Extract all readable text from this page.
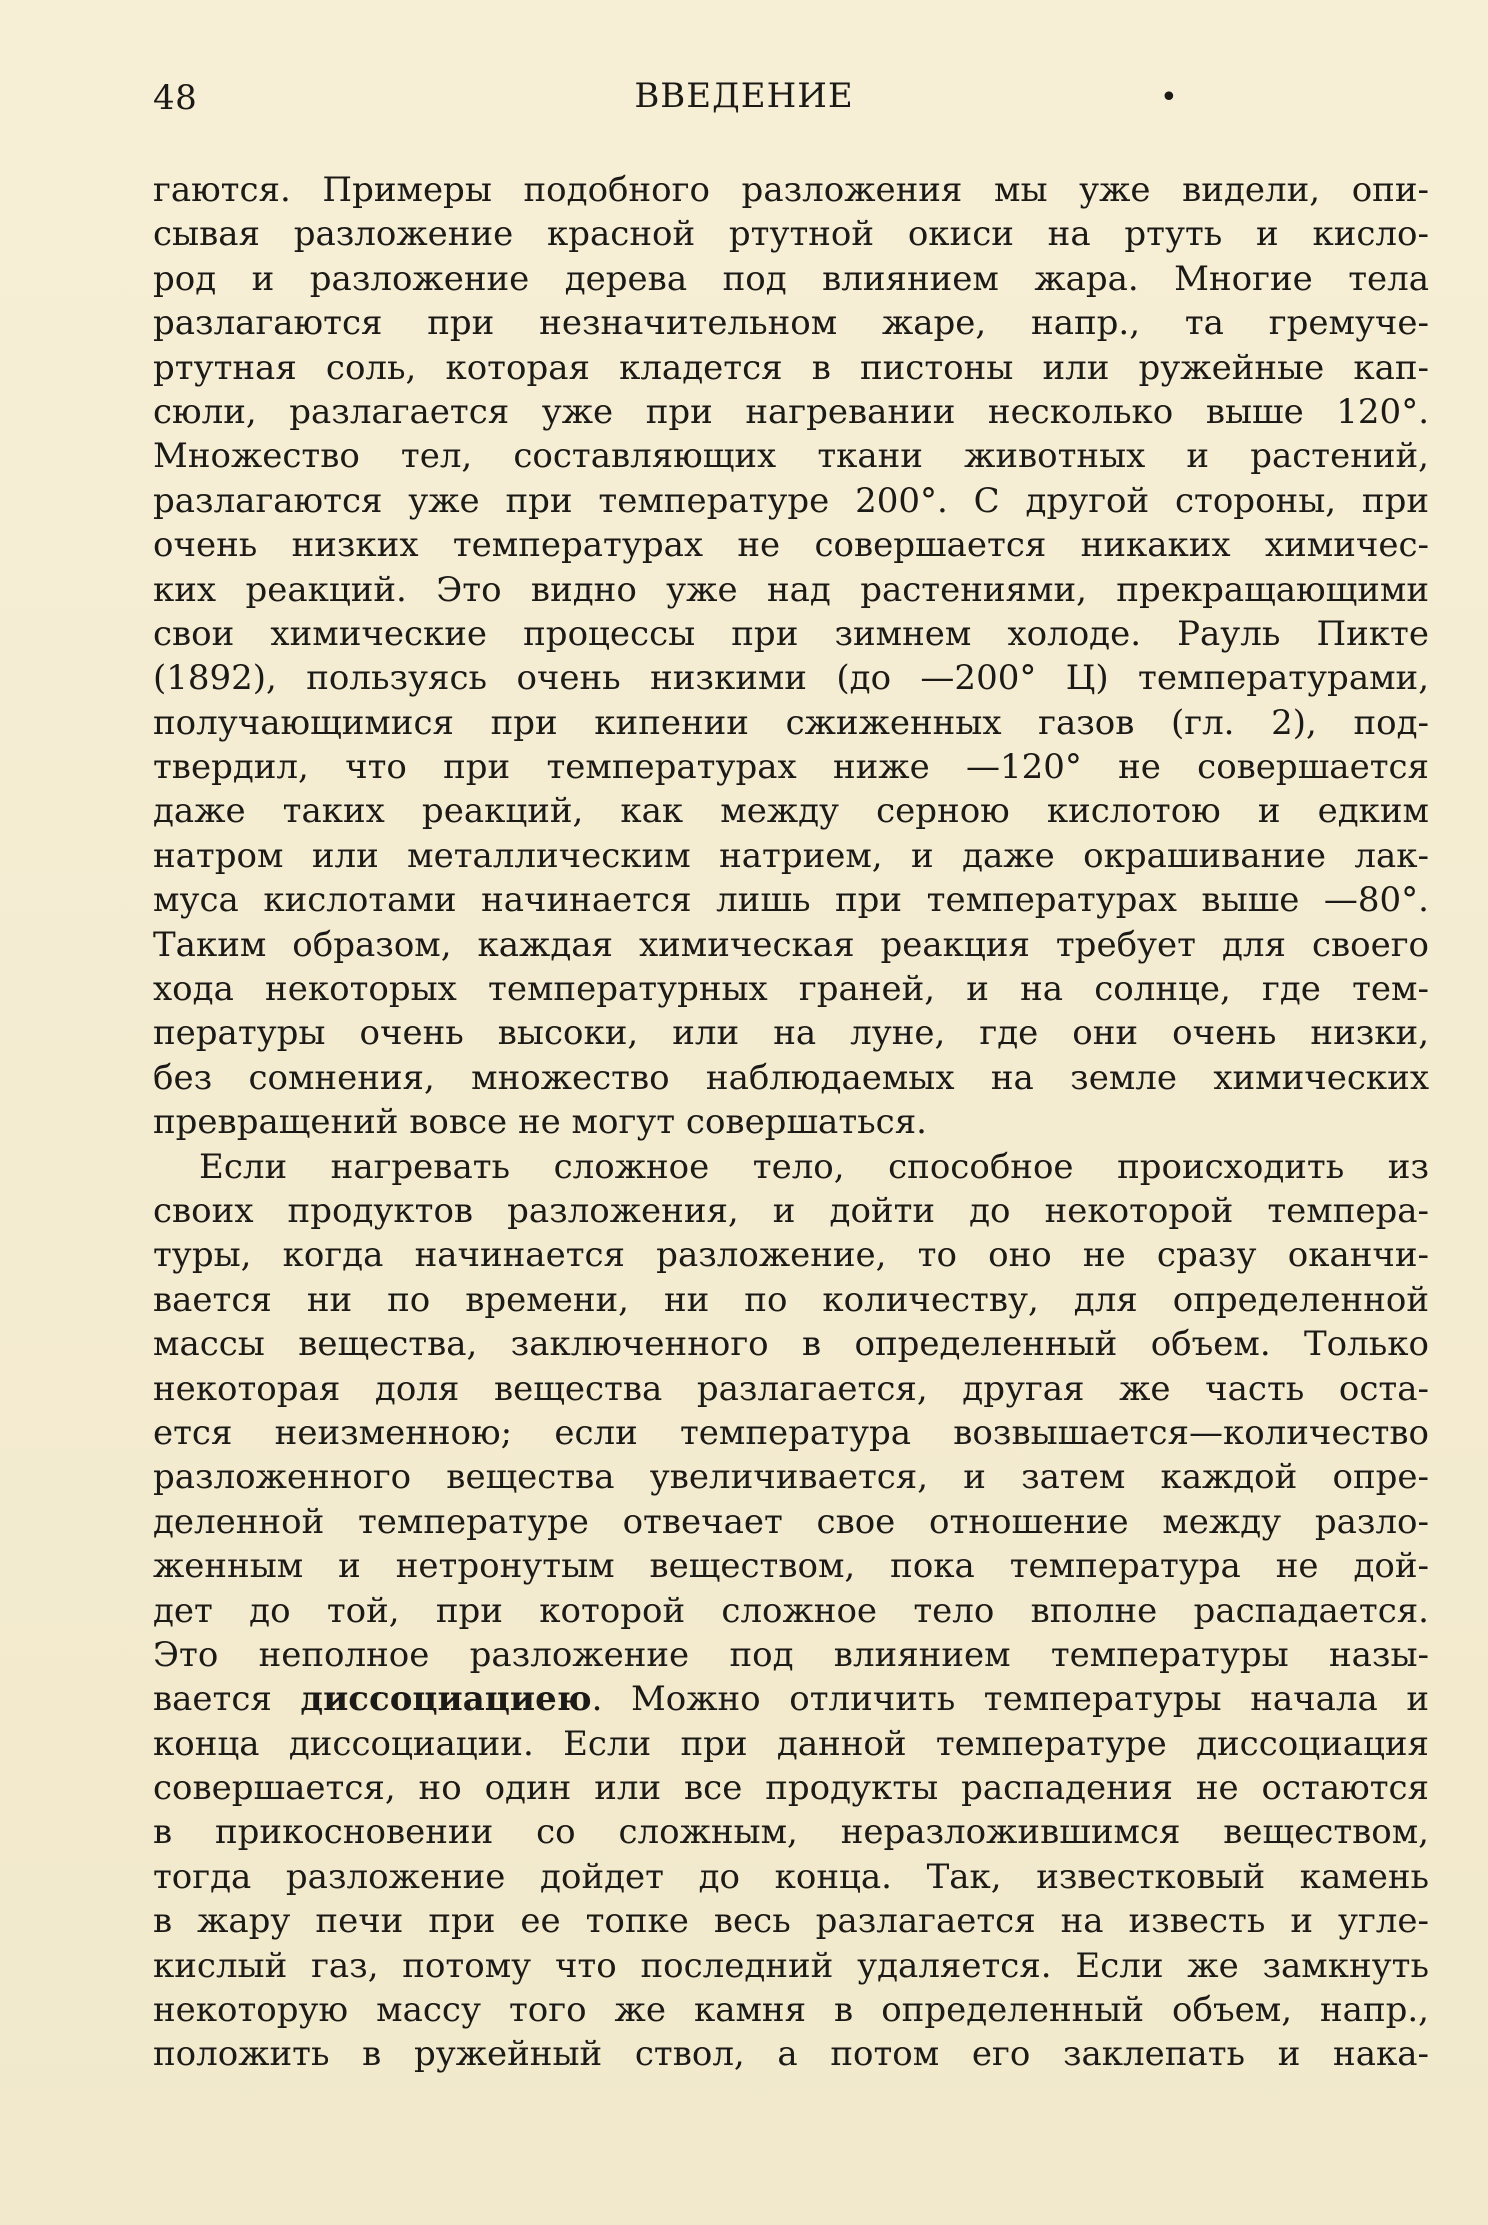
48	ВВЕДЕНИЕ	•
гаются. Примеры подобного разложения мы уже видели, опи-
сывая разложение красной ртутной окиси на ртуть и кисло-
род и разложение дерева под влиянием жара. Многие тела
разлагаются при незначительном жаре, напр., та гремуче-
ртутная соль, которая кладется в пистоны или ружейные кап-
сюли, разлагается уже при нагревании несколько выше 120°.
Множество тел, составляющих ткани животных и растений,
разлагаются уже при температуре 200°. С другой стороны, при
очень низких температурах не совершается никаких химичес-
ких реакций. Это видно уже над растениями, прекращающими
свои химические процессы при зимнем холоде. Рауль Пикте
(1892), пользуясь очень низкими (до —200° Ц) температурами,
получающимися при кипении сжиженных газов (гл. 2), под-
твердил, что при температурах ниже —120° не совершается
даже таких реакций, как между серною кислотою и едким
натром или металлическим натрием, и даже окрашивание лак-
муса кислотами начинается лишь при температурах выше —80°.
Таким образом, каждая химическая реакция требует для своего
хода некоторых температурных граней, и на солнце, где тем-
пературы очень высоки, или на луне, где они очень низки,
без сомнения, множество наблюдаемых на земле химических
превращений вовсе не могут совершаться.
Если нагревать сложное тело, способное происходить из
своих продуктов разложения, и дойти до некоторой темпера-
туры, когда начинается разложение, то оно не сразу оканчи-
вается ни по времени, ни по количеству, для определенной
массы вещества, заключенного в определенный объем. Только
некоторая доля вещества разлагается, другая же часть оста-
ется неизменною; если температура возвышается—количество
разложенного вещества увеличивается, и затем каждой опре-
деленной температуре отвечает свое отношение между разло-
женным и нетронутым веществом, пока температура не дой-
дет до той, при которой сложное тело вполне распадается.
Это неполное разложение под влиянием температуры назы-
вается диссоциациею. Можно отличить температуры начала и
конца диссоциации. Если при данной температуре диссоциация
совершается, но один или все продукты распадения не остаются
в прикосновении со сложным, неразложившимся веществом,
тогда разложение дойдет до конца. Так, известковый камень
в жару печи при ее топке весь разлагается на известь и угле-
кислый газ, потому что последний удаляется. Если же замкнуть
некоторую массу того же камня в определенный объем, напр.,
положить в ружейный ствол, а потом его заклепать и нака-
